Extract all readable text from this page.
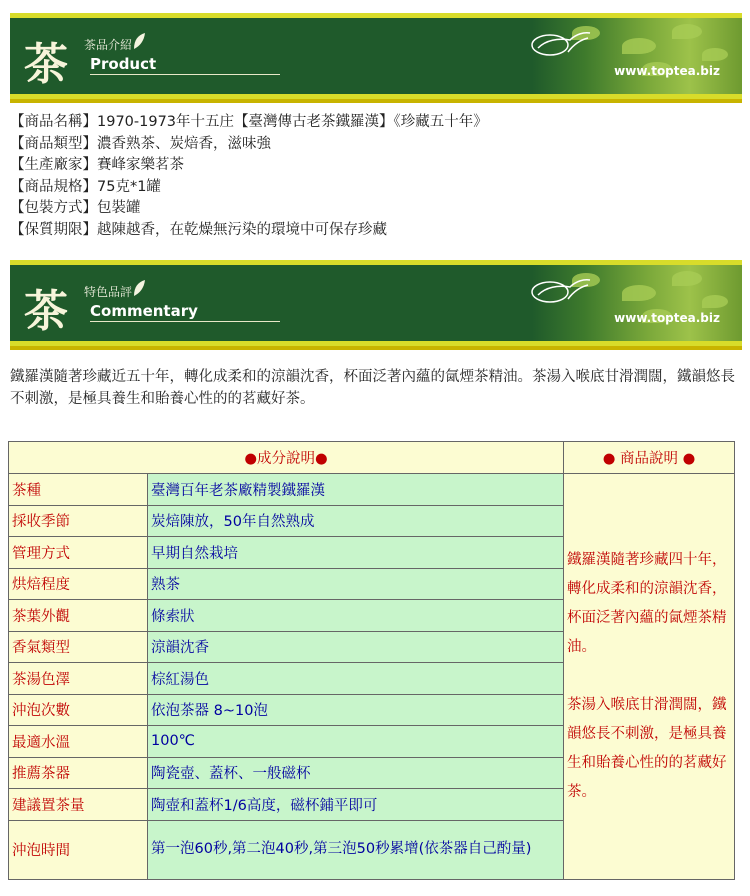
茶 茶品介紹
Product	www.toptea.biz
【商品名稱】1970-1973年十五庄【臺灣傳古老茶鐵羅漢】《珍藏五十年》
【商品類型】濃香熟茶、炭焙香，滋味強
【生產廠家】賽峰家樂茗茶
【商品規格】75克*1罐
【包裝方式】包裝罐
【保質期限】越陳越香，在乾燥無污染的環境中可保存珍藏
茶 特色品評
Commentary	www.toptea.biz
鐵羅漢隨著珍藏近五十年，轉化成柔和的涼韻沈香，杯面泛著內蘊的氤煙茶精油。茶湯入喉底甘滑潤闊，鐵韻悠長不刺激，是極具養生和貽養心性的的茗藏好茶。
●成分說明●		● 商品說明 ●
茶種	臺灣百年老茶廠精製鐵羅漢	鐵羅漢隨著珍藏四十年，轉化成柔和的涼韻沈香，杯面泛著內蘊的氤煙茶精油。
茶湯入喉底甘滑潤闊，鐵韻悠長不刺激，是極具養生和貽養心性的的茗藏好茶。

採收季節	炭焙陳放，50年自然熟成	
管理方式	早期自然栽培	
烘焙程度	熟茶	
茶葉外觀	條索狀	
香氣類型	涼韻沈香	
茶湯色澤	棕紅湯色	
沖泡次數	依泡茶器 8~10泡	
最適水溫	100℃	
推薦茶器	陶瓷壺、蓋杯、一般磁杯	
建議置茶量	陶壺和蓋杯1/6高度，磁杯鋪平即可	
沖泡時間	第一泡60秒,第二泡40秒,第三泡50秒累增(依茶器自己酌量)	
